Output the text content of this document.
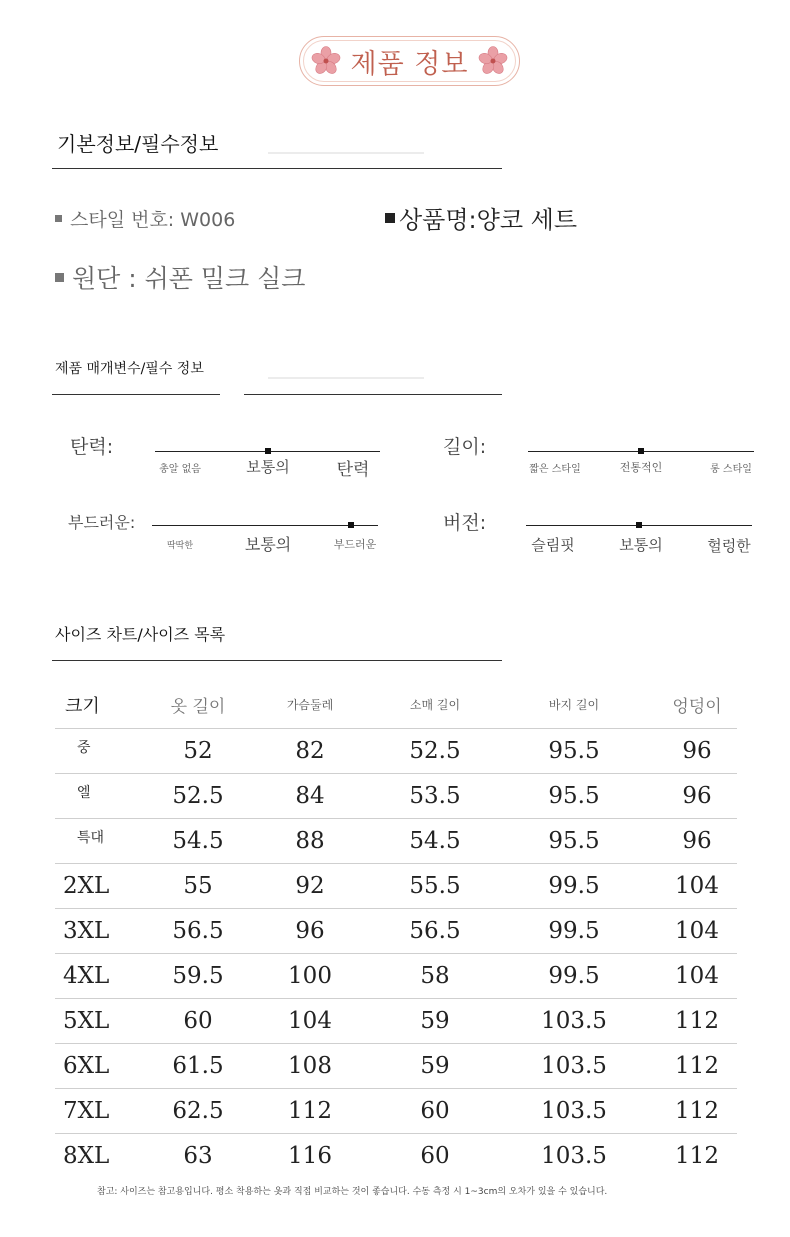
제품 정보
기본정보/필수정보
스타일 번호: W006	상품명:양코 세트
원단 : 쉬폰 밀크 실크
제품 매개변수/필수 정보
탄력:
총알 없음	보통의	탄력
길이:
짧은 스타일	전통적인	롱 스타일
부드러운:
딱딱한	보통의	부드러운
버전:
슬림핏	보통의	헐렁한
사이즈 차트/사이즈 목록
크기	옷 길이	가슴둘레	소매 길이	바지 길이	엉덩이
중	52	82	52.5	95.5	96
엘	52.5	84	53.5	95.5	96
특대	54.5	88	54.5	95.5	96
2XL	55	92	55.5	99.5	104
3XL	56.5	96	56.5	99.5	104
4XL	59.5	100	58	99.5	104
5XL	60	104	59	103.5	112
6XL	61.5	108	59	103.5	112
7XL	62.5	112	60	103.5	112
8XL	63	116	60	103.5	112
참고: 사이즈는 참고용입니다. 평소 착용하는 옷과 직접 비교하는 것이 좋습니다. 수동 측정 시 1~3cm의 오차가 있을 수 있습니다.
